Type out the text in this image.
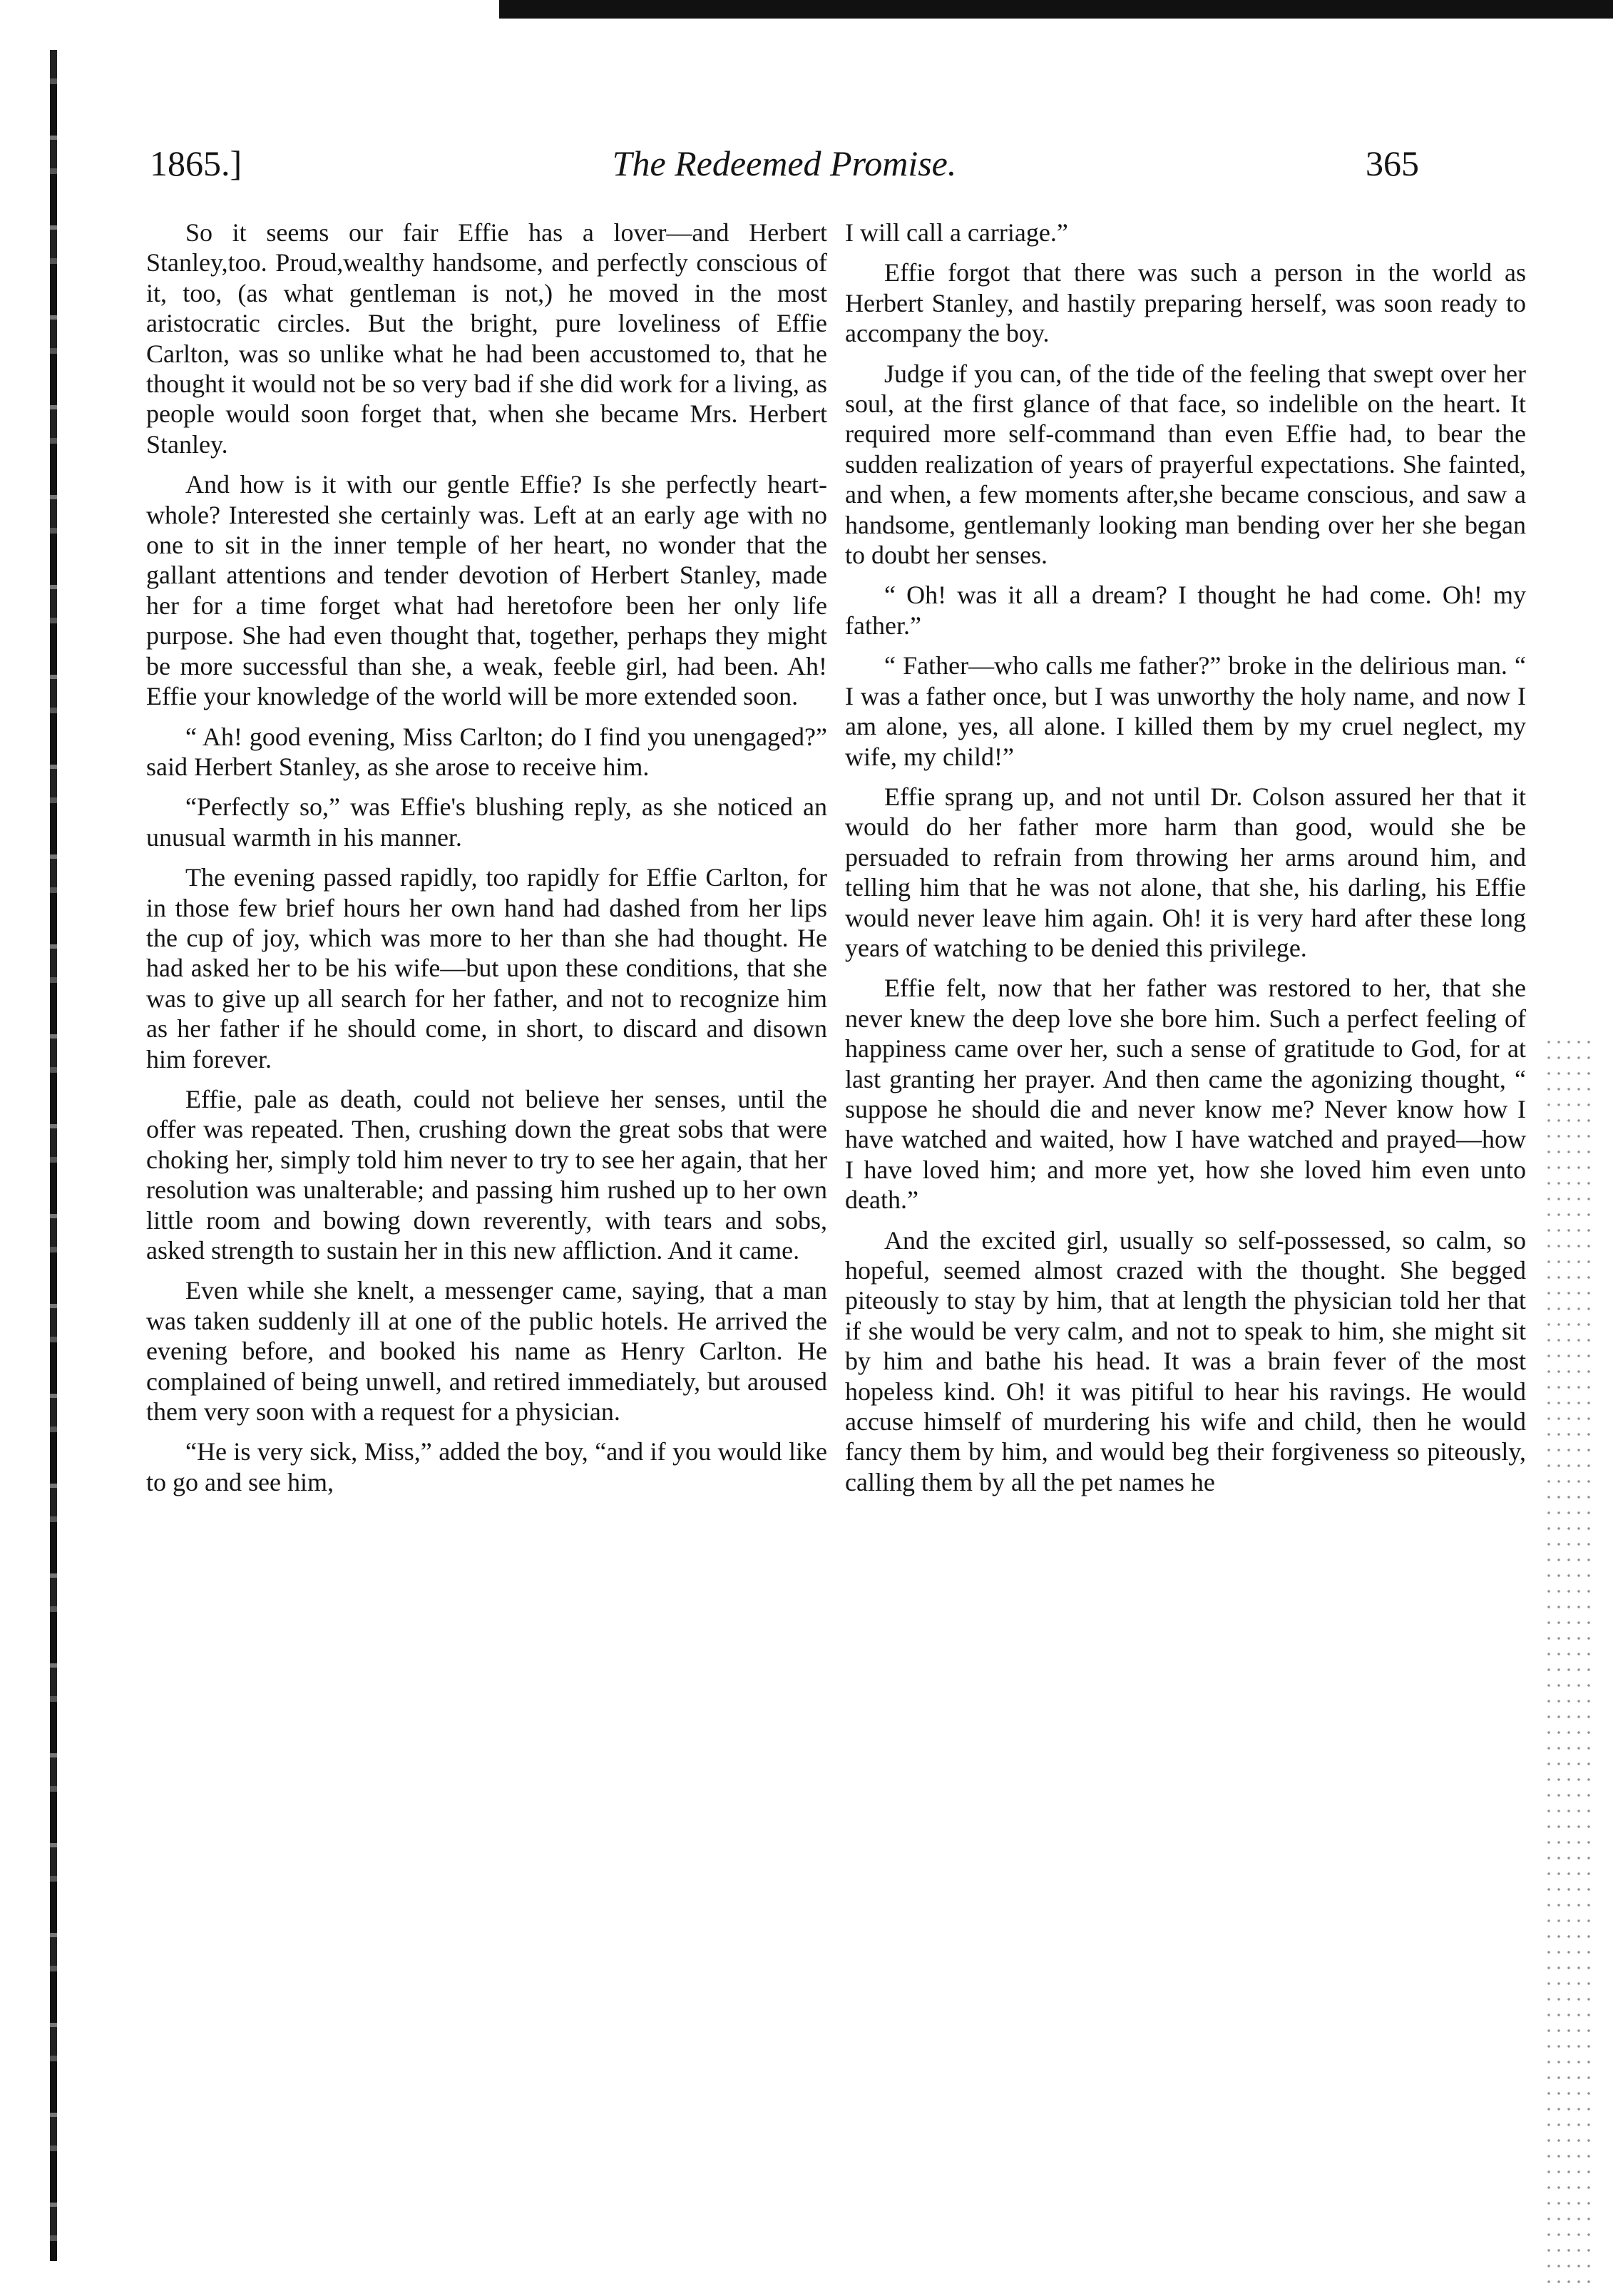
1865.]	The Redeemed Promise.	365

So it seems our fair Effie has a lover—and Herbert Stanley,too. Proud,wealthy handsome, and perfectly conscious of it, too, (as what gentleman is not,) he moved in the most aristocratic circles. But the bright, pure loveliness of Effie Carlton, was so unlike what he had been accustomed to, that he thought it would not be so very bad if she did work for a living, as people would soon forget that, when she became Mrs. Herbert Stanley.

And how is it with our gentle Effie? Is she perfectly heart-whole? Interested she certainly was. Left at an early age with no one to sit in the inner temple of her heart, no wonder that the gallant attentions and tender devotion of Herbert Stanley, made her for a time forget what had heretofore been her only life purpose. She had even thought that, together, perhaps they might be more successful than she, a weak, feeble girl, had been. Ah! Effie your knowledge of the world will be more extended soon.

“ Ah! good evening, Miss Carlton; do I find you unengaged?” said Herbert Stanley, as she arose to receive him.

“Perfectly so,” was Effie's blushing reply, as she noticed an unusual warmth in his manner.

The evening passed rapidly, too rapidly for Effie Carlton, for in those few brief hours her own hand had dashed from her lips the cup of joy, which was more to her than she had thought. He had asked her to be his wife—but upon these conditions, that she was to give up all search for her father, and not to recognize him as her father if he should come, in short, to discard and disown him forever.

Effie, pale as death, could not believe her senses, until the offer was repeated. Then, crushing down the great sobs that were choking her, simply told him never to try to see her again, that her resolution was unalterable; and passing him rushed up to her own little room and bowing down reverently, with tears and sobs, asked strength to sustain her in this new affliction. And it came.

Even while she knelt, a messenger came, saying, that a man was taken suddenly ill at one of the public hotels. He arrived the evening before, and booked his name as Henry Carlton. He complained of being unwell, and retired immediately, but aroused them very soon with a request for a physician.

“He is very sick, Miss,” added the boy, “and if you would like to go and see him,

I will call a carriage.”

Effie forgot that there was such a person in the world as Herbert Stanley, and hastily preparing herself, was soon ready to accompany the boy.

Judge if you can, of the tide of the feeling that swept over her soul, at the first glance of that face, so indelible on the heart. It required more self-command than even Effie had, to bear the sudden realization of years of prayerful expectations. She fainted, and when, a few moments after,she became conscious, and saw a handsome, gentlemanly looking man bending over her she began to doubt her senses.

“ Oh! was it all a dream? I thought he had come. Oh! my father.”

“ Father—who calls me father?” broke in the delirious man. “ I was a father once, but I was unworthy the holy name, and now I am alone, yes, all alone. I killed them by my cruel neglect, my wife, my child!”

Effie sprang up, and not until Dr. Colson assured her that it would do her father more harm than good, would she be persuaded to refrain from throwing her arms around him, and telling him that he was not alone, that she, his darling, his Effie would never leave him again. Oh! it is very hard after these long years of watching to be denied this privilege.

Effie felt, now that her father was restored to her, that she never knew the deep love she bore him. Such a perfect feeling of happiness came over her, such a sense of gratitude to God, for at last granting her prayer. And then came the agonizing thought, “ suppose he should die and never know me? Never know how I have watched and waited, how I have watched and prayed—how I have loved him; and more yet, how she loved him even unto death.”

And the excited girl, usually so self-possessed, so calm, so hopeful, seemed almost crazed with the thought. She begged piteously to stay by him, that at length the physician told her that if she would be very calm, and not to speak to him, she might sit by him and bathe his head. It was a brain fever of the most hopeless kind. Oh! it was pitiful to hear his ravings. He would accuse himself of murdering his wife and child, then he would fancy them by him, and would beg their forgiveness so piteously, calling them by all the pet names he
